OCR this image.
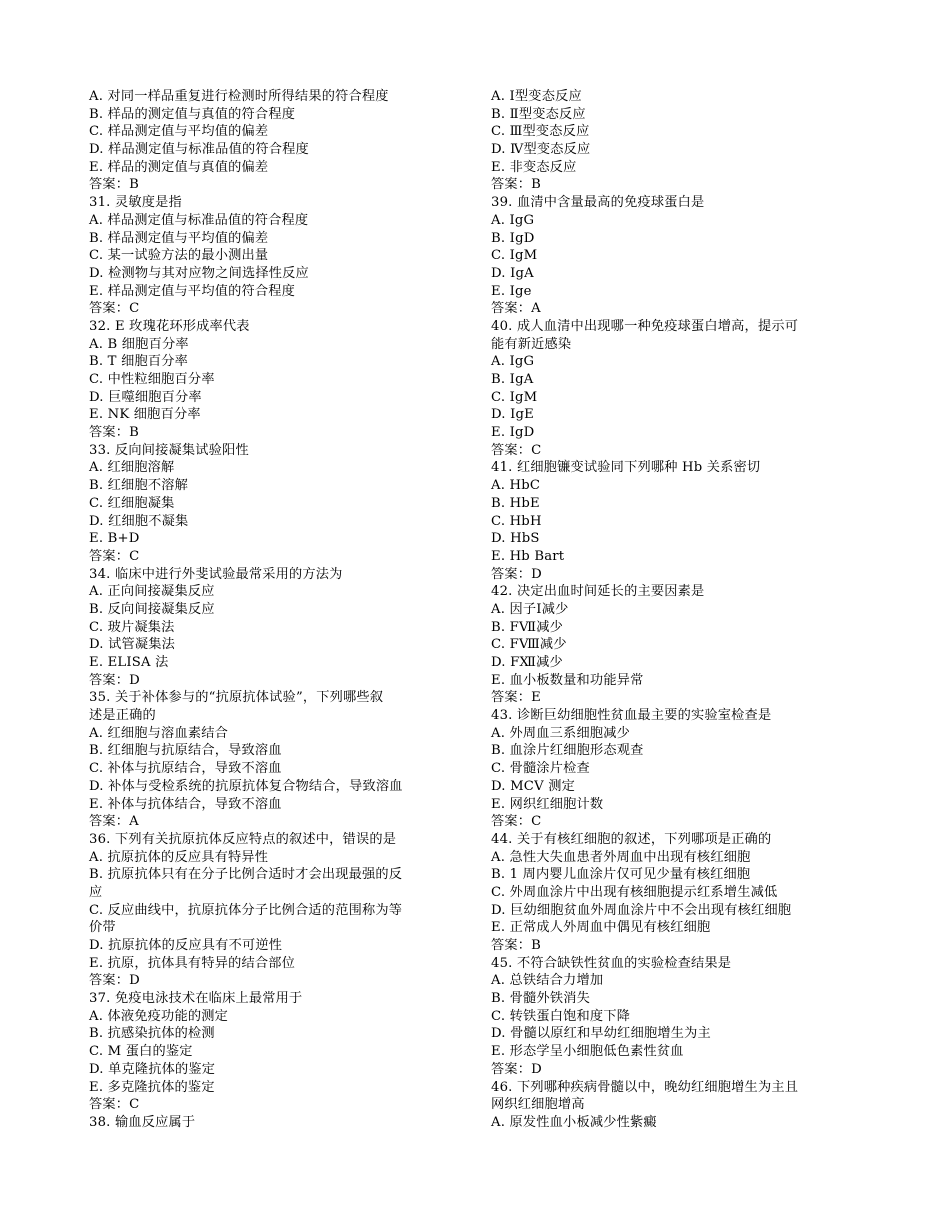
A. 对同一样品重复进行检测时所得结果的符合程度
B. 样品的测定值与真值的符合程度
C. 样品测定值与平均值的偏差
D. 样品测定值与标准品值的符合程度
E. 样品的测定值与真值的偏差
答案：B
31. 灵敏度是指
A. 样品测定值与标准品值的符合程度
B. 样品测定值与平均值的偏差
C. 某一试验方法的最小测出量
D. 检测物与其对应物之间选择性反应
E. 样品测定值与平均值的符合程度
答案：C
32. E 玫瑰花环形成率代表
A. B 细胞百分率
B. T 细胞百分率
C. 中性粒细胞百分率
D. 巨噬细胞百分率
E. NK 细胞百分率
答案：B
33. 反向间接凝集试验阳性
A. 红细胞溶解
B. 红细胞不溶解
C. 红细胞凝集
D. 红细胞不凝集
E. B+D
答案：C
34. 临床中进行外斐试验最常采用的方法为
A. 正向间接凝集反应
B. 反向间接凝集反应
C. 玻片凝集法
D. 试管凝集法
E. ELISA 法
答案：D
35. 关于补体参与的“抗原抗体试验”，下列哪些叙
述是正确的
A. 红细胞与溶血素结合
B. 红细胞与抗原结合，导致溶血
C. 补体与抗原结合，导致不溶血
D. 补体与受检系统的抗原抗体复合物结合，导致溶血
E. 补体与抗体结合，导致不溶血
答案：A
36. 下列有关抗原抗体反应特点的叙述中，错误的是
A. 抗原抗体的反应具有特异性
B. 抗原抗体只有在分子比例合适时才会出现最强的反
应
C. 反应曲线中，抗原抗体分子比例合适的范围称为等
价带
D. 抗原抗体的反应具有不可逆性
E. 抗原，抗体具有特异的结合部位
答案：D
37. 免疫电泳技术在临床上最常用于
A. 体液免疫功能的测定
B. 抗感染抗体的检测
C. M 蛋白的鉴定
D. 单克隆抗体的鉴定
E. 多克隆抗体的鉴定
答案：C
38. 输血反应属于
A. Ⅰ型变态反应
B. Ⅱ型变态反应
C. Ⅲ型变态反应
D. Ⅳ型变态反应
E. 非变态反应
答案：B
39. 血清中含量最高的免疫球蛋白是
A. IgG
B. IgD
C. IgM
D. IgA
E. Ige
答案：A
40. 成人血清中出现哪一种免疫球蛋白增高，提示可
能有新近感染
A. IgG
B. IgA
C. IgM
D. IgE
E. IgD
答案：C
41. 红细胞镰变试验同下列哪种 Hb 关系密切
A. HbC
B. HbE
C. HbH
D. HbS
E. Hb Bart
答案：D
42. 决定出血时间延长的主要因素是
A. 因子Ⅰ减少
B. FⅦ减少
C. FⅧ减少
D. FⅫ减少
E. 血小板数量和功能异常
答案：E
43. 诊断巨幼细胞性贫血最主要的实验室检查是
A. 外周血三系细胞减少
B. 血涂片红细胞形态观查
C. 骨髓涂片检查
D. MCV 测定
E. 网织红细胞计数
答案：C
44. 关于有核红细胞的叙述，下列哪项是正确的
A. 急性大失血患者外周血中出现有核红细胞
B. 1 周内婴儿血涂片仅可见少量有核红细胞
C. 外周血涂片中出现有核细胞提示红系增生减低
D. 巨幼细胞贫血外周血涂片中不会出现有核红细胞
E. 正常成人外周血中偶见有核红细胞
答案：B
45. 不符合缺铁性贫血的实验检查结果是
A. 总铁结合力增加
B. 骨髓外铁消失
C. 转铁蛋白饱和度下降
D. 骨髓以原红和早幼红细胞增生为主
E. 形态学呈小细胞低色素性贫血
答案：D
46. 下列哪种疾病骨髓以中，晚幼红细胞增生为主且
网织红细胞增高
A. 原发性血小板减少性紫癜
